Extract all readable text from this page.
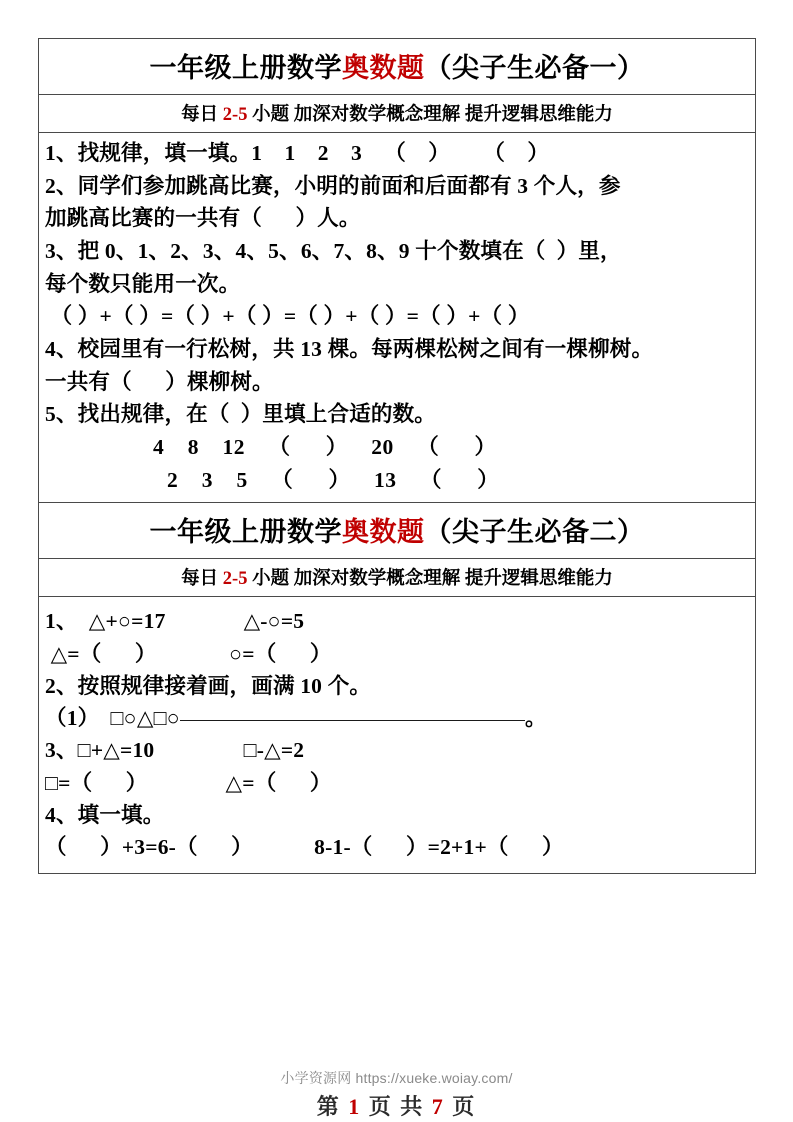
一年级上册数学奥数题（尖子生必备一）
每日 2-5 小题 加深对数学概念理解 提升逻辑思维能力
1、找规律，填一填。1    1    2    3    （    ）      （    ）
2、同学们参加跳高比赛，小明的前面和后面都有 3 个人，参
加跳高比赛的一共有（      ）人。
3、把 0、1、2、3、4、5、6、7、8、9 十个数填在（  ）里，
每个数只能用一次。
（ ）+（ ）=（ ）+（ ）=（ ）+（ ）=（ ）+（ ）
4、校园里有一行松树，共 13 棵。每两棵松树之间有一棵柳树。
一共有（      ）棵柳树。
5、找出规律，在（  ）里填上合适的数。
4    8    12    （      ）    20    （      ）
2    3    5    （      ）    13    （      ）
一年级上册数学奥数题（尖子生必备二）
每日 2-5 小题 加深对数学概念理解 提升逻辑思维能力
1、  △+○=17              △-○=5
△=（      ）             ○=（      ）
2、按照规律接着画，画满 10 个。
（1）  □○△□○	。
3、□+△=10                □-△=2
□=（      ）              △=（      ）
4、填一填。
（      ）+3=6-（      ）           8-1-（      ）=2+1+（      ）
小学资源网 https://xueke.woiay.com/
第 1 页 共 7 页
